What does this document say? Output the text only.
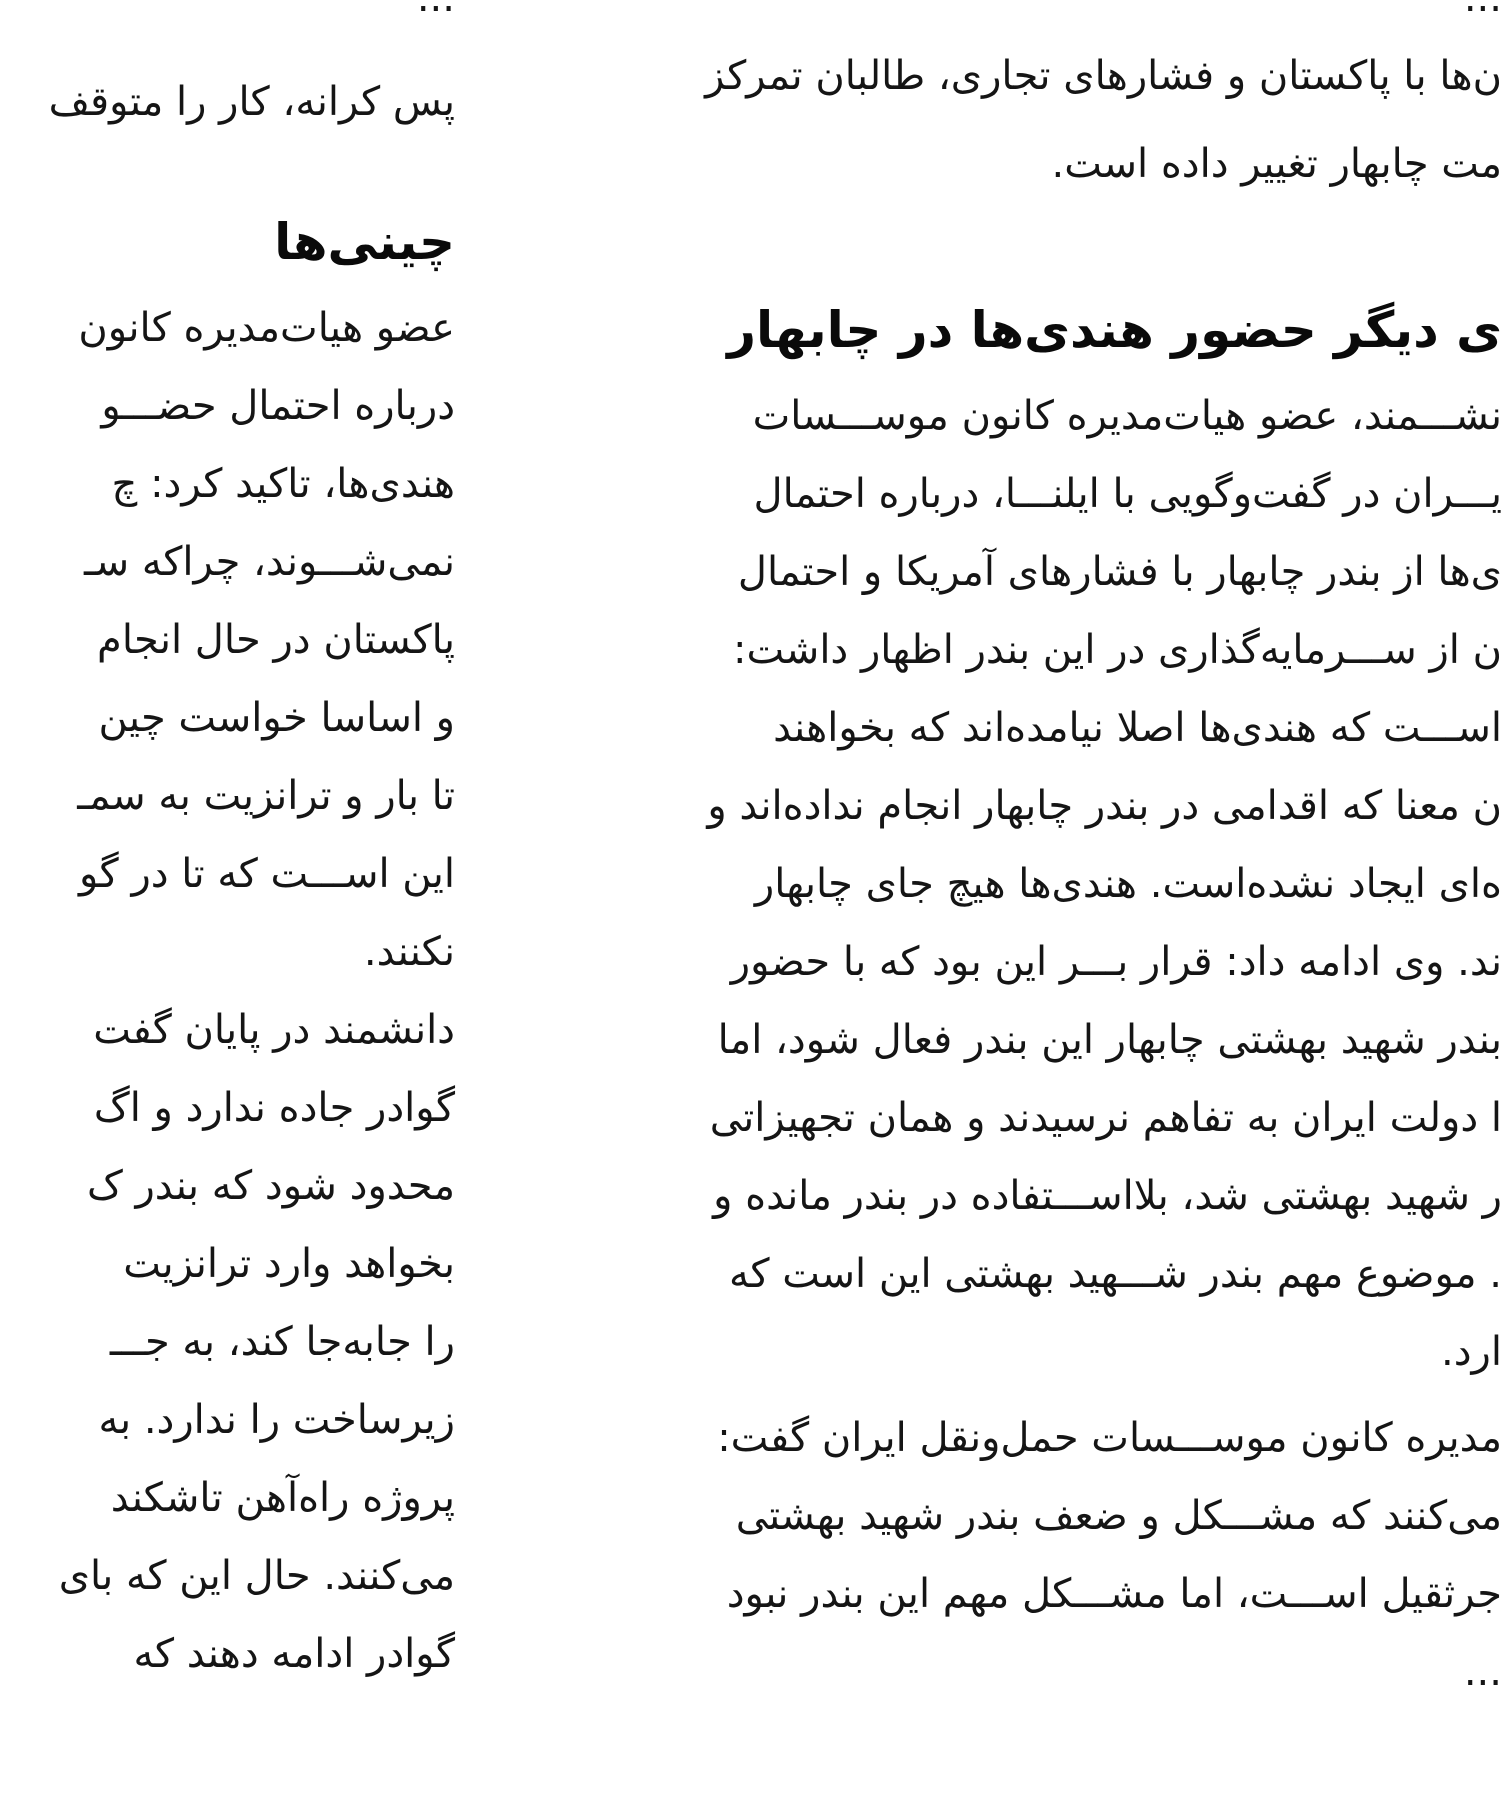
پس کرانه، کار را متوقف
چینی‌ها
عضو هیات‌مدیره کانون
درباره احتمال حضـــو
هندی‌ها، تاکید کرد: چ
نمی‌شـــوند، چراکه سـ
پاکستان در حال انجام
و اساسا خواست چین
تا بار و ترانزیت به سمـ
این اســـت که تا در گو
نکنند.
دانشمند در پایان گفت
گوادر جاده ندارد و اگ
محدود شود که بندر ک
بخواهد وارد ترانزیت
را جابه‌جا کند، به جـــ
زیرساخت را ندارد. به
پروژه راه‌آهن تاشکند
می‌کنند. حال این که بای
گوادر ادامه دهند که
ن‌ها با پاکستان و فشارهای تجاری، طالبان تمرکز
مت چابهار تغییر داده است.
ی دیگر حضور هندی‌ها در چابهار
نشـــمند، عضو هیات‌مدیره کانون موســـسات
یـــران در گفت‌وگویی با ایلنـــا، درباره احتمال
ی‌ها از بندر چابهار با فشارهای آمریکا و احتمال
ن از ســـرمایه‌گذاری در این بندر اظهار داشت:
اســـت که هندی‌ها اصلا نیامده‌اند که بخواهند
ن معنا که اقدامی در بندر چابهار انجام نداده‌اند و
ه‌ای ایجاد نشده‌است. هندی‌ها هیچ جای چابهار
ند. وی ادامه داد: قرار بـــر این بود که با حضور
بندر شهید بهشتی چابهار این بندر فعال شود، اما
ا دولت ایران به تفاهم نرسیدند و همان تجهیزاتی
ر شهید بهشتی شد، بلااســـتفاده در بندر مانده و
. موضوع مهم بندر شـــهید بهشتی این است که
ارد.
مدیره کانون موســـسات حمل‌ونقل ایران گفت:
می‌کنند که مشـــکل و ضعف بندر شهید بهشتی
جرثقیل اســـت، اما مشـــکل مهم این بندر نبود
...
